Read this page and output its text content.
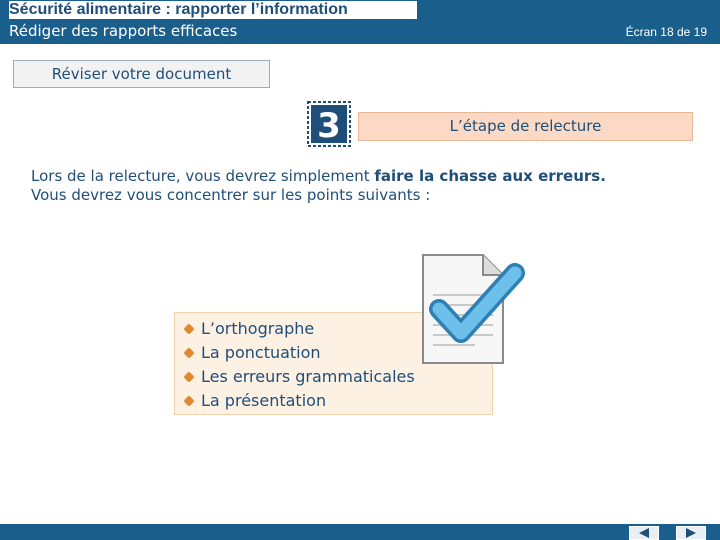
Sécurité alimentaire : rapporter l’information
Rédiger des rapports efficaces	Écran 18 de 19
Réviser votre document
3	L’étape de relecture
Lors de la relecture, vous devrez simplement faire la chasse aux erreurs.
Vous devrez vous concentrer sur les points suivants :
L’orthographe
La ponctuation
Les erreurs grammaticales
La présentation
